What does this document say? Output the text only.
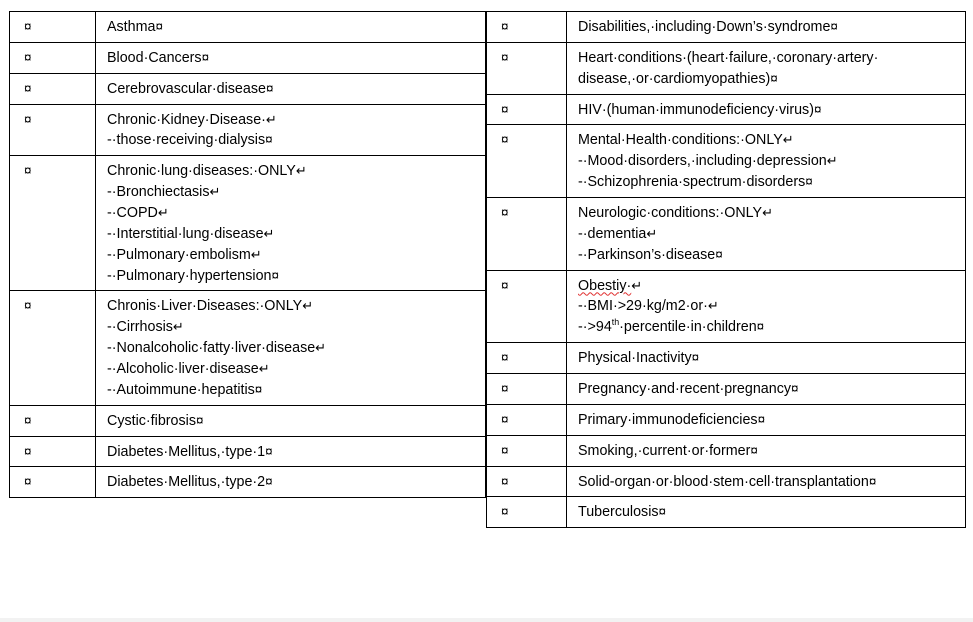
¤	Asthma¤

¤	Blood·Cancers¤

¤	Cerebrovascular·disease¤

¤	Chronic·Kidney·Disease·↵
-·those·receiving·dialysis¤

¤	Chronic·lung·diseases:·ONLY↵
-·Bronchiectasis↵
-·COPD↵
-·Interstitial·lung·disease↵
-·Pulmonary·embolism↵
-·Pulmonary·hypertension¤

¤	Chronis·Liver·Diseases:·ONLY↵
-·Cirrhosis↵
-·Nonalcoholic·fatty·liver·disease↵
-·Alcoholic·liver·disease↵
-·Autoimmune·hepatitis¤

¤	Cystic·fibrosis¤

¤	Diabetes·Mellitus,·type·1¤

¤	Diabetes·Mellitus,·type·2¤
¤	Disabilities,·including·Down’s·syndrome¤

¤	Heart·conditions·(heart·failure,·coronary·artery·
disease,·or·cardiomyopathies)¤

¤	HIV·(human·immunodeficiency·virus)¤

¤	Mental·Health·conditions:·ONLY↵
-·Mood·disorders,·including·depression↵
-·Schizophrenia·spectrum·disorders¤

¤	Neurologic·conditions:·ONLY↵
-·dementia↵
-·Parkinson’s·disease¤

¤	Obestiy·↵
-·BMI·>29·kg/m2·or·↵
-·>94th·percentile·in·children¤

¤	Physical·Inactivity¤

¤	Pregnancy·and·recent·pregnancy¤

¤	Primary·immunodeficiencies¤

¤	Smoking,·current·or·former¤

¤	Solid-organ·or·blood·stem·cell·transplantation¤

¤	Tuberculosis¤
